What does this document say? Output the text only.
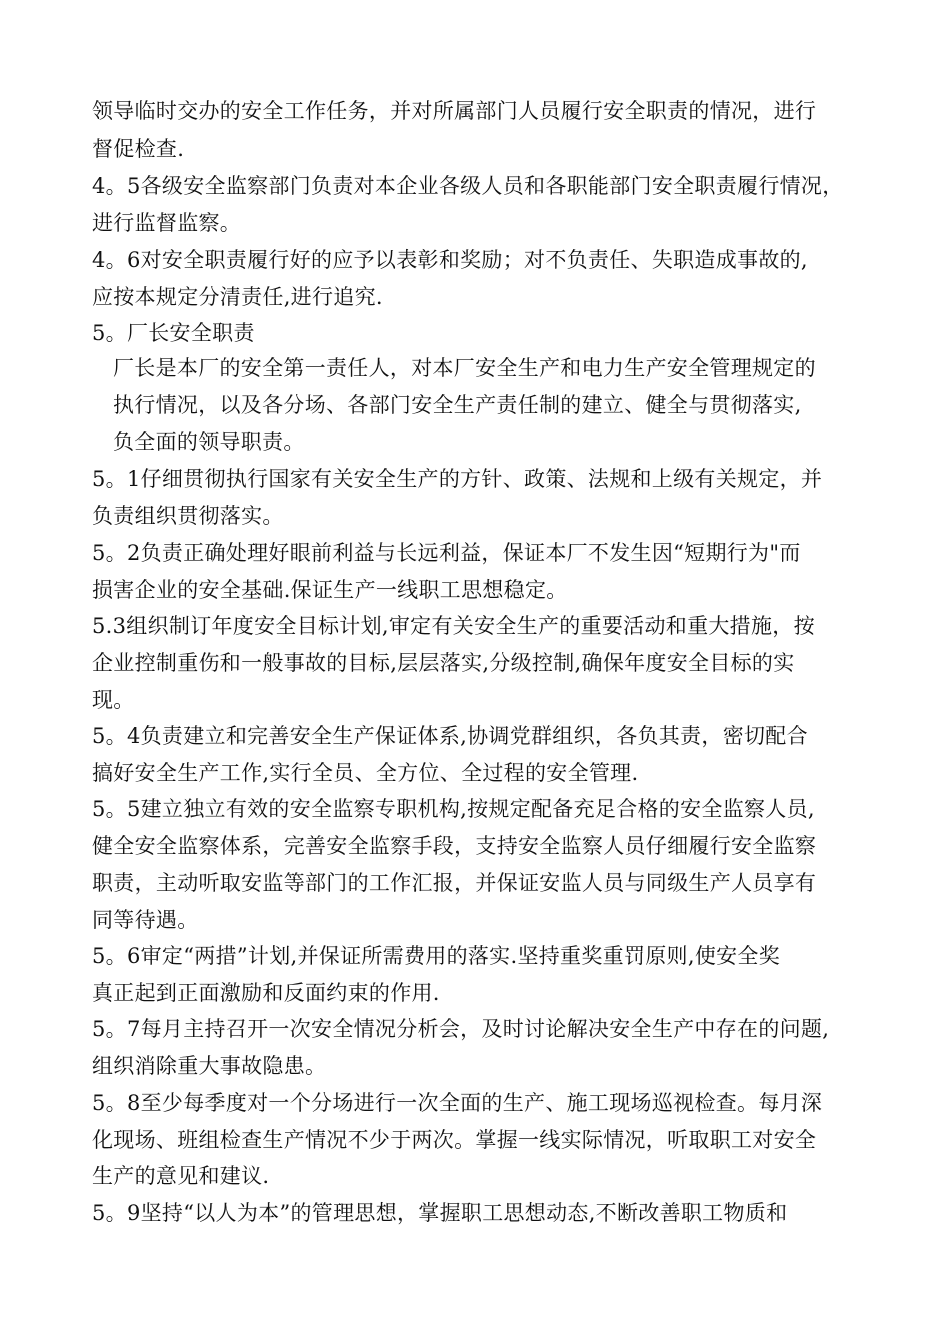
领导临时交办的安全工作任务，并对所属部门人员履行安全职责的情况，进行
督促检查.
4。5各级安全监察部门负责对本企业各级人员和各职能部门安全职责履行情况，
进行监督监察。
4。6对安全职责履行好的应予以表彰和奖励；对不负责任、失职造成事故的,
应按本规定分清责任,进行追究.
5。厂长安全职责
厂长是本厂的安全第一责任人，对本厂安全生产和电力生产安全管理规定的
执行情况，以及各分场、各部门安全生产责任制的建立、健全与贯彻落实,
负全面的领导职责。
5。1仔细贯彻执行国家有关安全生产的方针、政策、法规和上级有关规定，并
负责组织贯彻落实。
5。2负责正确处理好眼前利益与长远利益，保证本厂不发生因“短期行为"而
损害企业的安全基础.保证生产一线职工思想稳定。
5.3组织制订年度安全目标计划,审定有关安全生产的重要活动和重大措施，按
企业控制重伤和一般事故的目标,层层落实,分级控制,确保年度安全目标的实
现。
5。4负责建立和完善安全生产保证体系,协调党群组织，各负其责，密切配合
搞好安全生产工作,实行全员、全方位、全过程的安全管理.
5。5建立独立有效的安全监察专职机构,按规定配备充足合格的安全监察人员,
健全安全监察体系，完善安全监察手段，支持安全监察人员仔细履行安全监察
职责，主动听取安监等部门的工作汇报，并保证安监人员与同级生产人员享有
同等待遇。
5。6审定“两措”计划,并保证所需费用的落实.坚持重奖重罚原则,使安全奖
真正起到正面激励和反面约束的作用.
5。7每月主持召开一次安全情况分析会，及时讨论解决安全生产中存在的问题,
组织消除重大事故隐患。
5。8至少每季度对一个分场进行一次全面的生产、施工现场巡视检查。每月深
化现场、班组检查生产情况不少于两次。掌握一线实际情况，听取职工对安全
生产的意见和建议.
5。9坚持“以人为本”的管理思想，掌握职工思想动态,不断改善职工物质和
